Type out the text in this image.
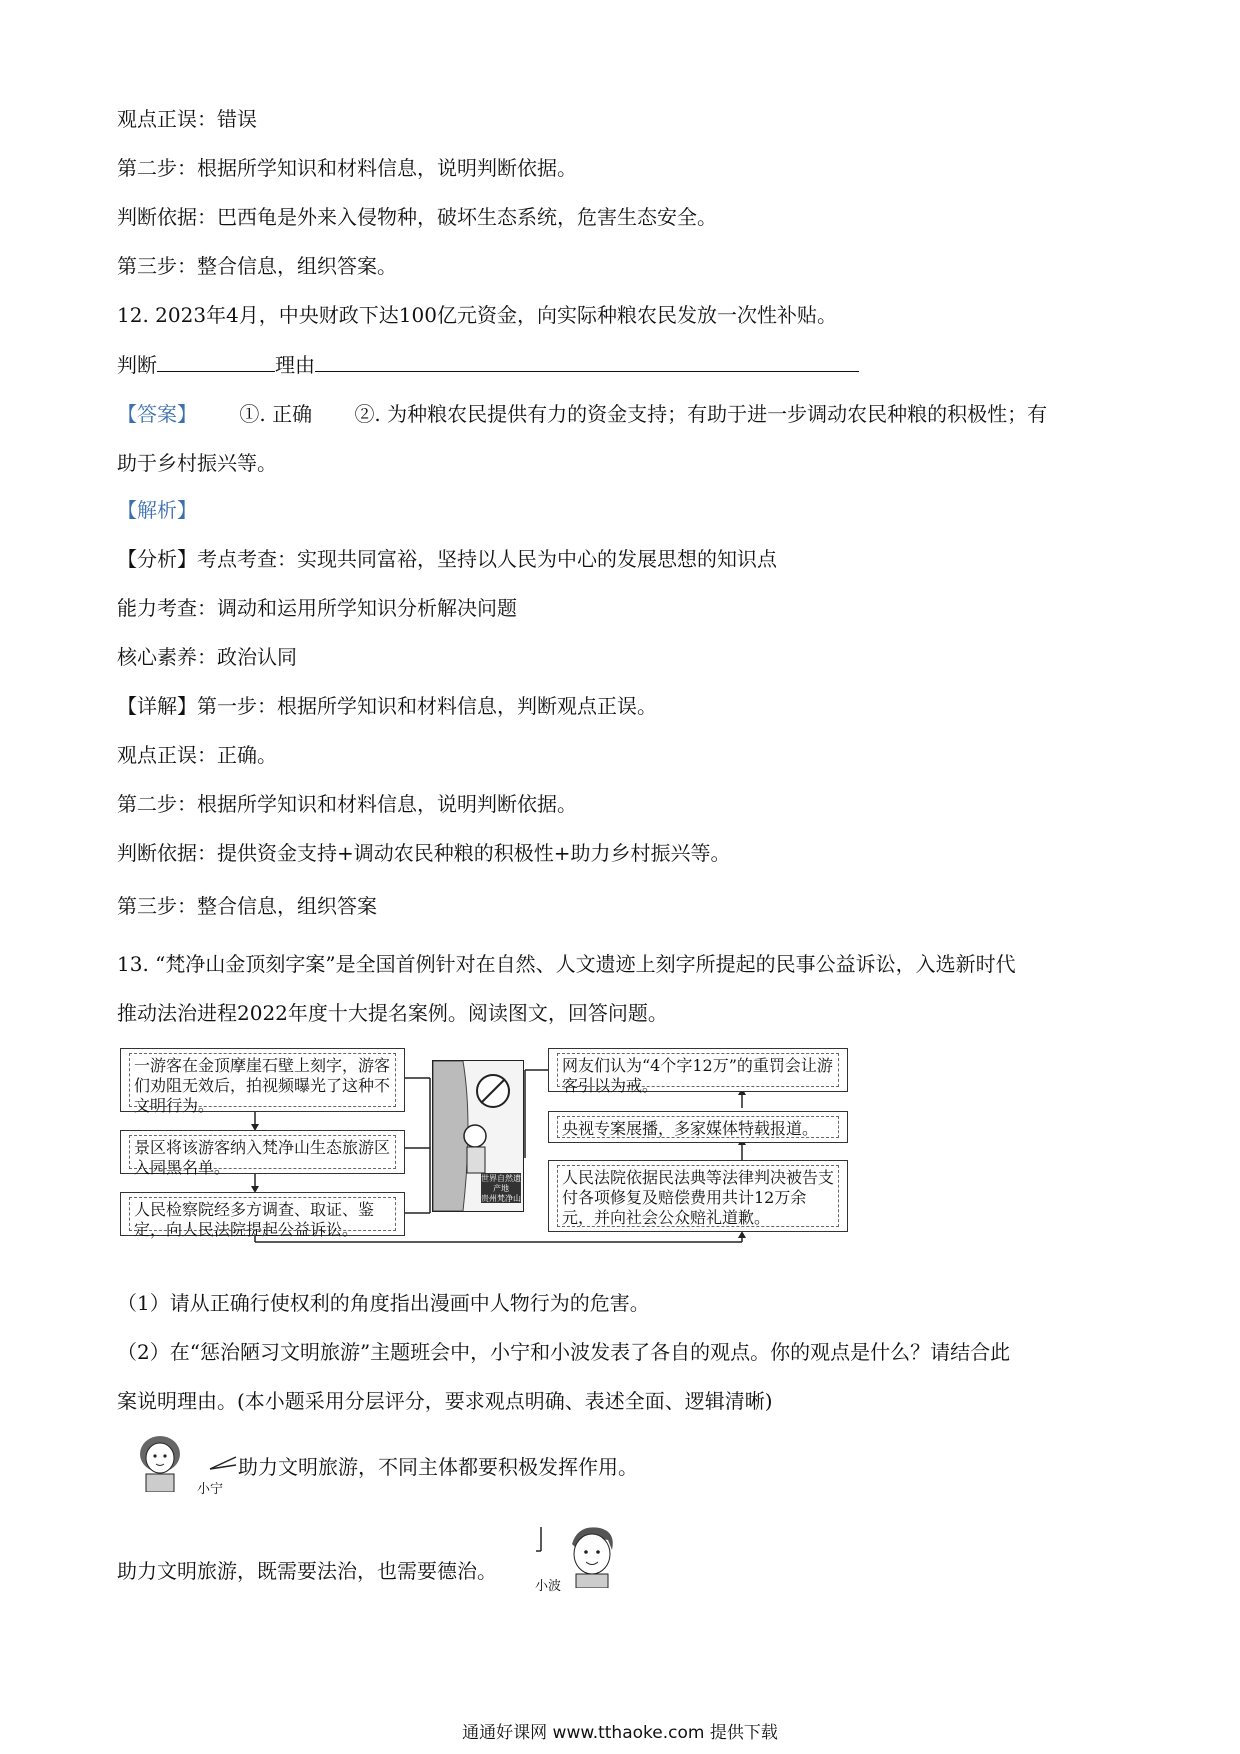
观点正误：错误
第二步：根据所学知识和材料信息，说明判断依据。
判断依据：巴西龟是外来入侵物种，破坏生态系统，危害生态安全。
第三步：整合信息，组织答案。
12. 2023年4月，中央财政下达100亿元资金，向实际种粮农民发放一次性补贴。
判断	理由
【答案】 ①. 正确 ②. 为种粮农民提供有力的资金支持；有助于进一步调动农民种粮的积极性；有
助于乡村振兴等。
【解析】
【分析】考点考查：实现共同富裕，坚持以人民为中心的发展思想的知识点
能力考查：调动和运用所学知识分析解决问题
核心素养：政治认同
【详解】第一步：根据所学知识和材料信息，判断观点正误。
观点正误：正确。
第二步：根据所学知识和材料信息，说明判断依据。
判断依据：提供资金支持+调动农民种粮的积极性+助力乡村振兴等。
第三步：整合信息，组织答案
13. “梵净山金顶刻字案”是全国首例针对在自然、人文遗迹上刻字所提起的民事公益诉讼，入选新时代
推动法治进程2022年度十大提名案例。阅读图文，回答问题。
一游客在金顶摩崖石壁上刻字，游客们劝阻无效后，拍视频曝光了这种不文明行为。
景区将该游客纳入梵净山生态旅游区入园黑名单。
人民检察院经多方调查、取证、鉴定，向人民法院提起公益诉讼。
世界自然遗产地
贵州梵净山
网友们认为“4个字12万”的重罚会让游客引以为戒。
央视专案展播，多家媒体特载报道。
人民法院依据民法典等法律判决被告支付各项修复及赔偿费用共计12万余元，并向社会公众赔礼道歉。
（1）请从正确行使权利的角度指出漫画中人物行为的危害。
（2）在“惩治陋习文明旅游”主题班会中，小宁和小波发表了各自的观点。你的观点是什么？请结合此
案说明理由。(本小题采用分层评分，要求观点明确、表述全面、逻辑清晰)
小宁
助力文明旅游，不同主体都要积极发挥作用。
助力文明旅游，既需要法治，也需要德治。
小波
通通好课网 www.tthaoke.com 提供下载
